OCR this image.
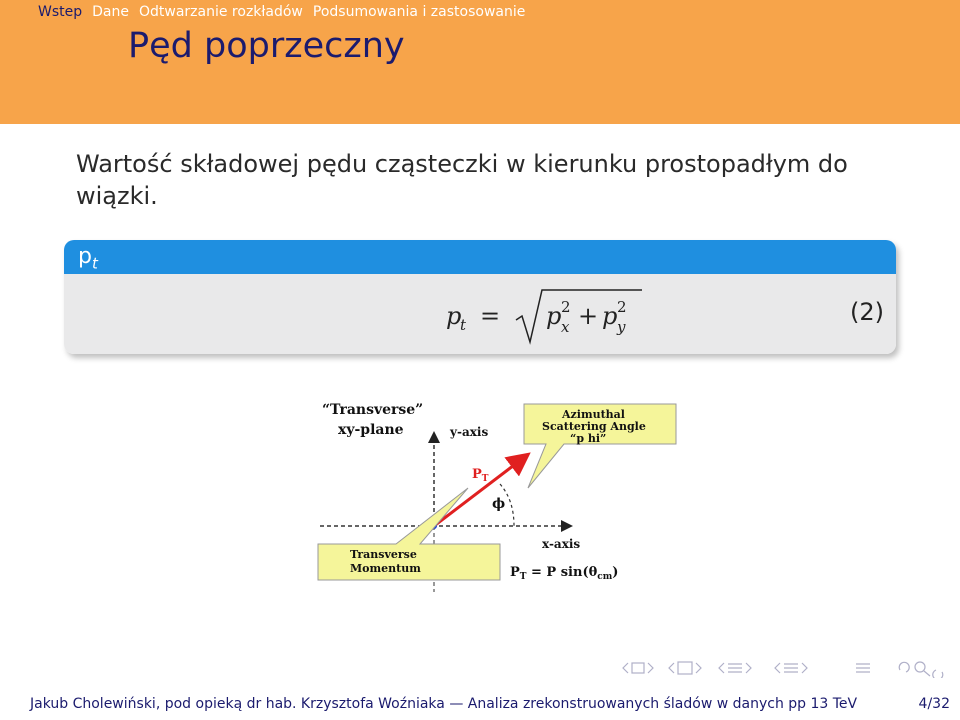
Wstep Dane Odtwarzanie rozkładów Podsumowania i zastosowanie
Pęd poprzeczny
Wartość składowej pędu cząsteczki w kierunku prostopadłym do wiązki.
$p_t$
p
t = p 2
x + p 2
y
(2)
“Transverse”
xy-plane	y-axis
x-axis
Azimuthal
Scattering Angle
“p hi”
ϕ
$P_T$
Transverse
Momentum	$P_T = P$ $\sin(\theta_{cm})$
Jakub Cholewiński, pod opieką dr hab. Krzysztofa Woźniaka — Analiza zrekonstruowanych śladów w danych pp 13 TeV	4/32
